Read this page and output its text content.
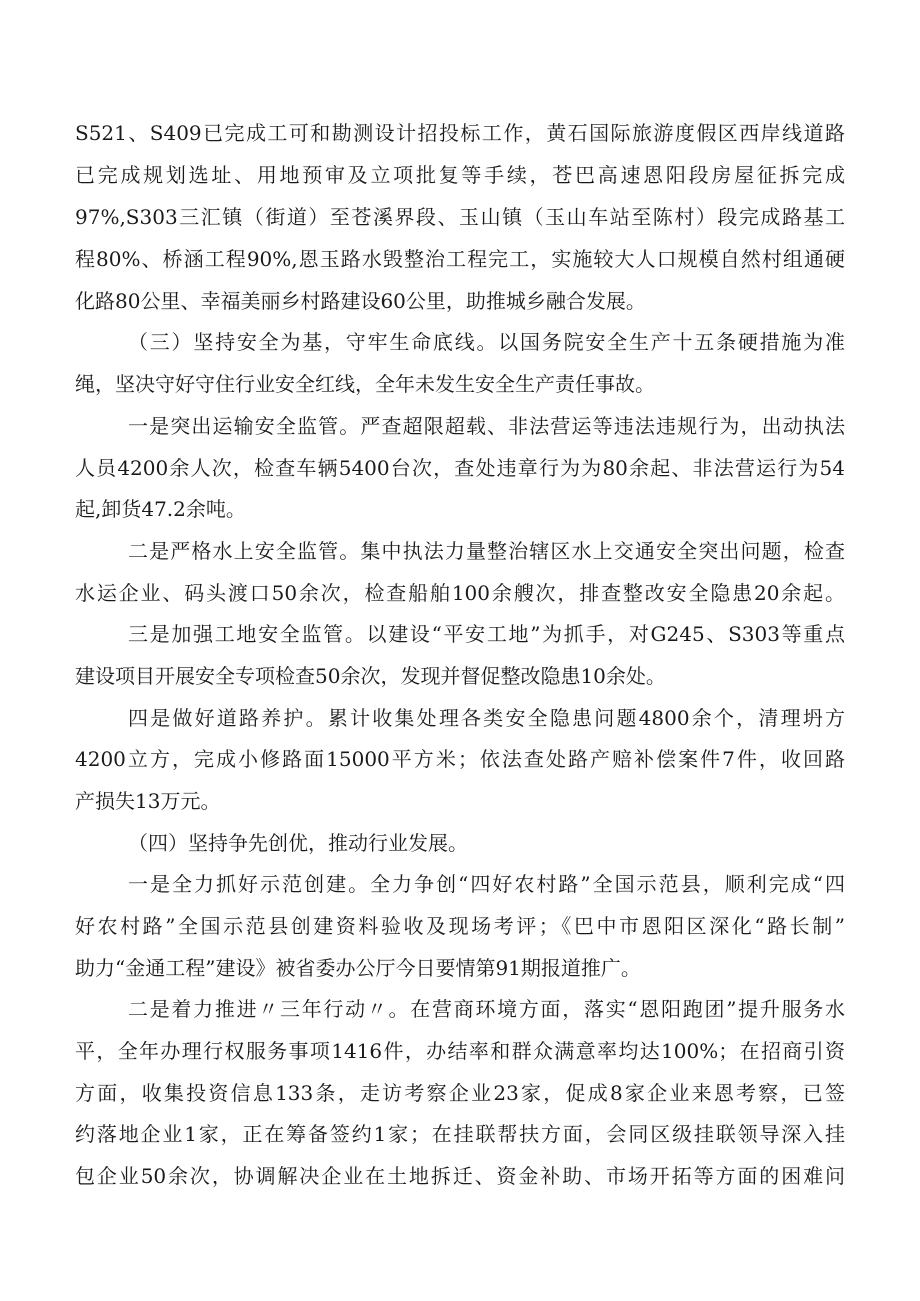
S521、S409已完成工可和勘测设计招投标工作，黄石国际旅游度假区西岸线道路
已完成规划选址、用地预审及立项批复等手续，苍巴高速恩阳段房屋征拆完成
97%,S303三汇镇（街道）至苍溪界段、玉山镇（玉山车站至陈村）段完成路基工
程80%、桥涵工程90%,恩玉路水毁整治工程完工，实施较大人口规模自然村组通硬
化路80公里、幸福美丽乡村路建设60公里，助推城乡融合发展。
（三）坚持安全为基，守牢生命底线。以国务院安全生产十五条硬措施为准
绳，坚决守好守住行业安全红线，全年未发生安全生产责任事故。
一是突出运输安全监管。严查超限超载、非法营运等违法违规行为，出动执法
人员4200余人次，检查车辆5400台次，查处违章行为为80余起、非法营运行为54
起,卸货47.2余吨。
二是严格水上安全监管。集中执法力量整治辖区水上交通安全突出问题，检查
水运企业、码头渡口50余次，检查船舶100余艘次，排查整改安全隐患20余起。
三是加强工地安全监管。以建设“平安工地”为抓手，对G245、S303等重点
建设项目开展安全专项检查50余次，发现并督促整改隐患10余处。
四是做好道路养护。累计收集处理各类安全隐患问题4800余个，清理坍方
4200立方，完成小修路面15000平方米；依法查处路产赔补偿案件7件，收回路
产损失13万元。
（四）坚持争先创优，推动行业发展。
一是全力抓好示范创建。全力争创“四好农村路”全国示范县，顺利完成“四
好农村路”全国示范县创建资料验收及现场考评；《巴中市恩阳区深化“路长制”
助力“金通工程”建设》被省委办公厅今日要情第91期报道推广。
二是着力推进〃三年行动〃。在营商环境方面，落实“恩阳跑团”提升服务水
平，全年办理行权服务事项1416件，办结率和群众满意率均达100%；在招商引资
方面，收集投资信息133条，走访考察企业23家，促成8家企业来恩考察，已签
约落地企业1家，正在筹备签约1家；在挂联帮扶方面，会同区级挂联领导深入挂
包企业50余次，协调解决企业在土地拆迁、资金补助、市场开拓等方面的困难问
